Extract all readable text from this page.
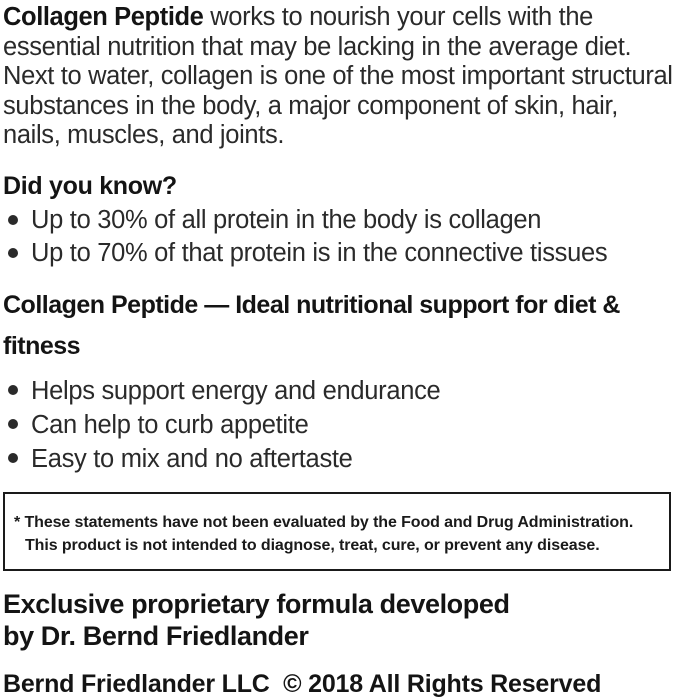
Collagen Peptide works to nourish your cells with the essential nutrition that may be lacking in the average diet. Next to water, collagen is one of the most important structural substances in the body, a major component of skin, hair, nails, muscles, and joints.

Did you know?
Up to 30% of all protein in the body is collagen
Up to 70% of that protein is in the connective tissues
Collagen Peptide — Ideal nutritional support for diet &
fitness
Helps support energy and endurance
Can help to curb appetite
Easy to mix and no aftertaste
* These statements have not been evaluated by the Food and Drug Administration.
This product is not intended to diagnose, treat, cure, or prevent any disease.
Exclusive proprietary formula developed
by Dr. Bernd Friedlander

Bernd Friedlander LLC  © 2018 All Rights Reserved
